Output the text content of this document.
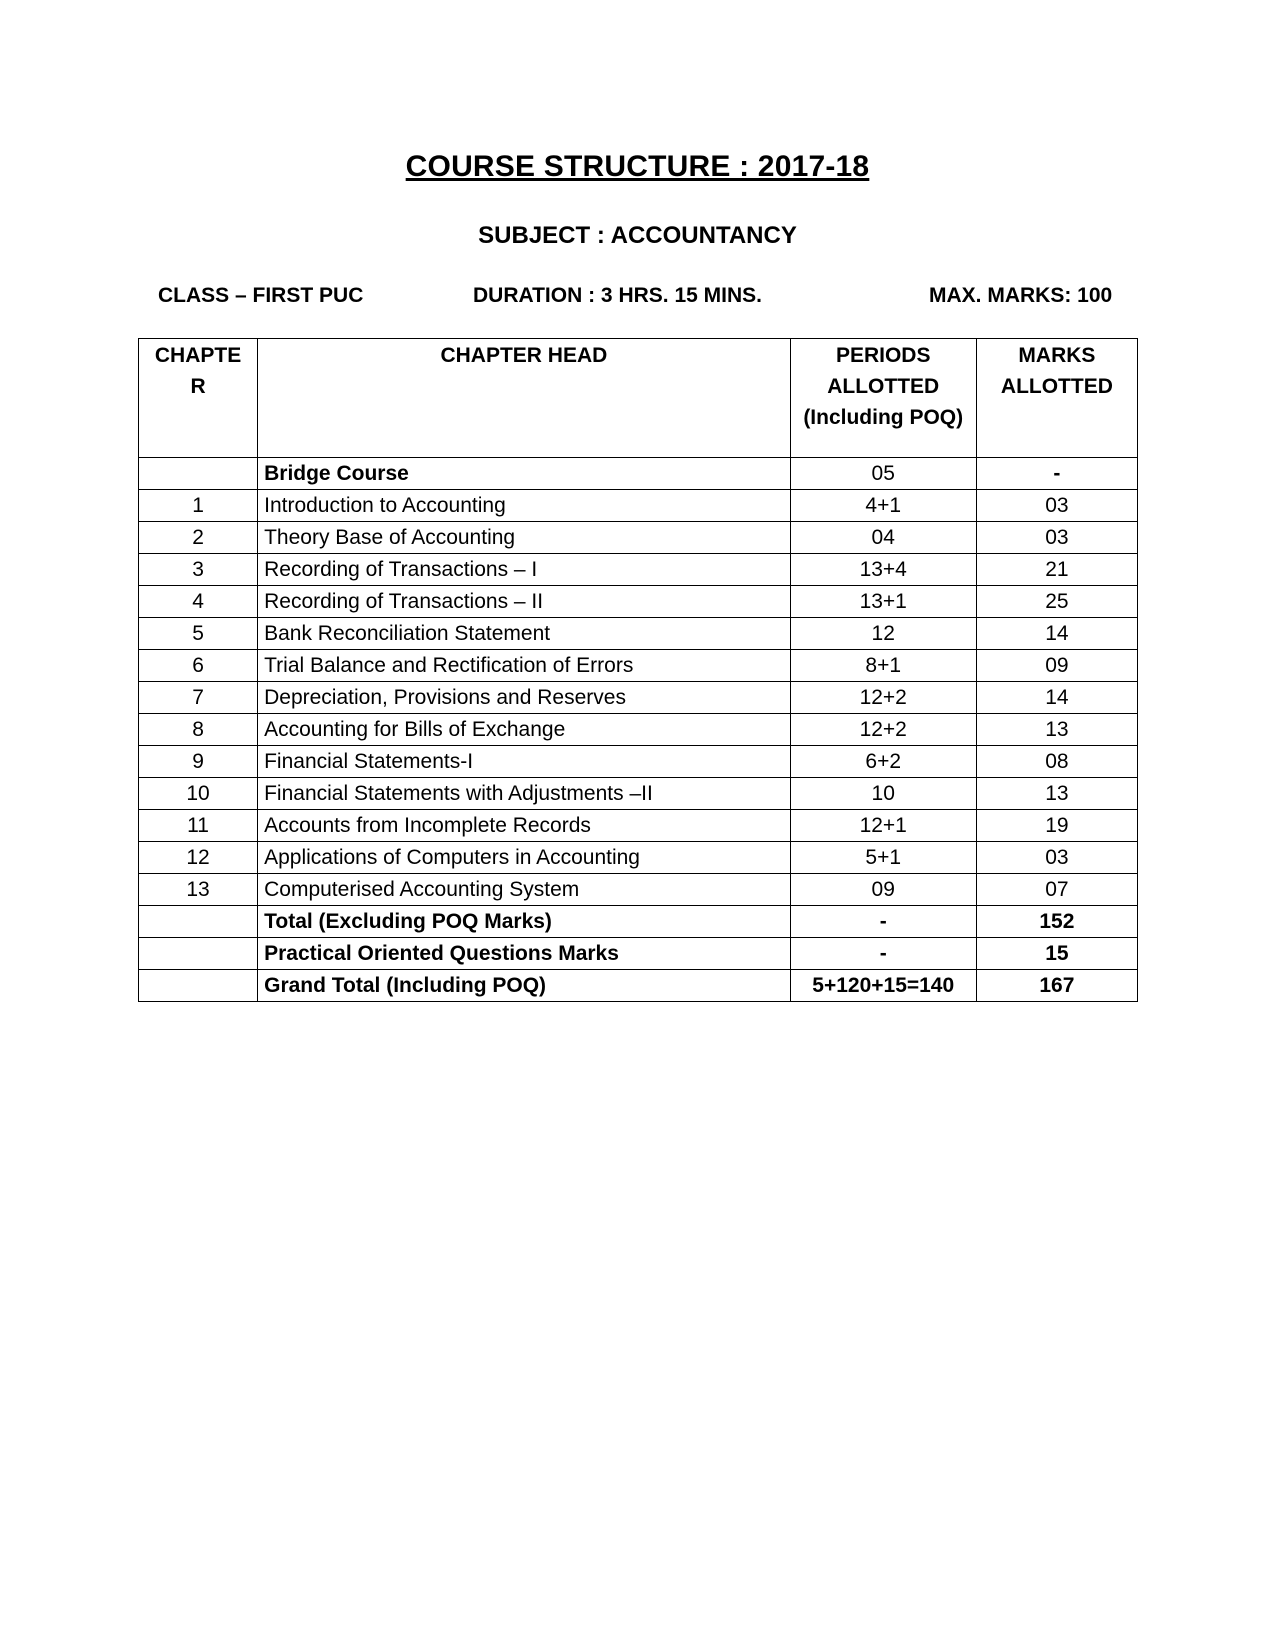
COURSE STRUCTURE : 2017-18
SUBJECT : ACCOUNTANCY
CLASS – FIRST PUC	DURATION : 3 HRS. 15 MINS.	MAX. MARKS: 100
CHAPTE R	CHAPTER HEAD	PERIODS ALLOTTED (Including POQ)	MARKS ALLOTTED
	Bridge Course	05	-
1	Introduction to Accounting	4+1	03
2	Theory Base of Accounting	04	03
3	Recording of Transactions – I	13+4	21
4	Recording of Transactions – II	13+1	25
5	Bank Reconciliation Statement	12	14
6	Trial Balance and Rectification of Errors	8+1	09
7	Depreciation, Provisions and Reserves	12+2	14
8	Accounting for Bills of Exchange	12+2	13
9	Financial Statements-I	6+2	08
10	Financial Statements with Adjustments –II	10	13
11	Accounts from Incomplete Records	12+1	19
12	Applications of Computers in Accounting	5+1	03
13	Computerised Accounting System	09	07
	Total (Excluding POQ Marks)	-	152
	Practical Oriented Questions Marks	-	15
	Grand Total (Including POQ)	5+120+15=140	167
